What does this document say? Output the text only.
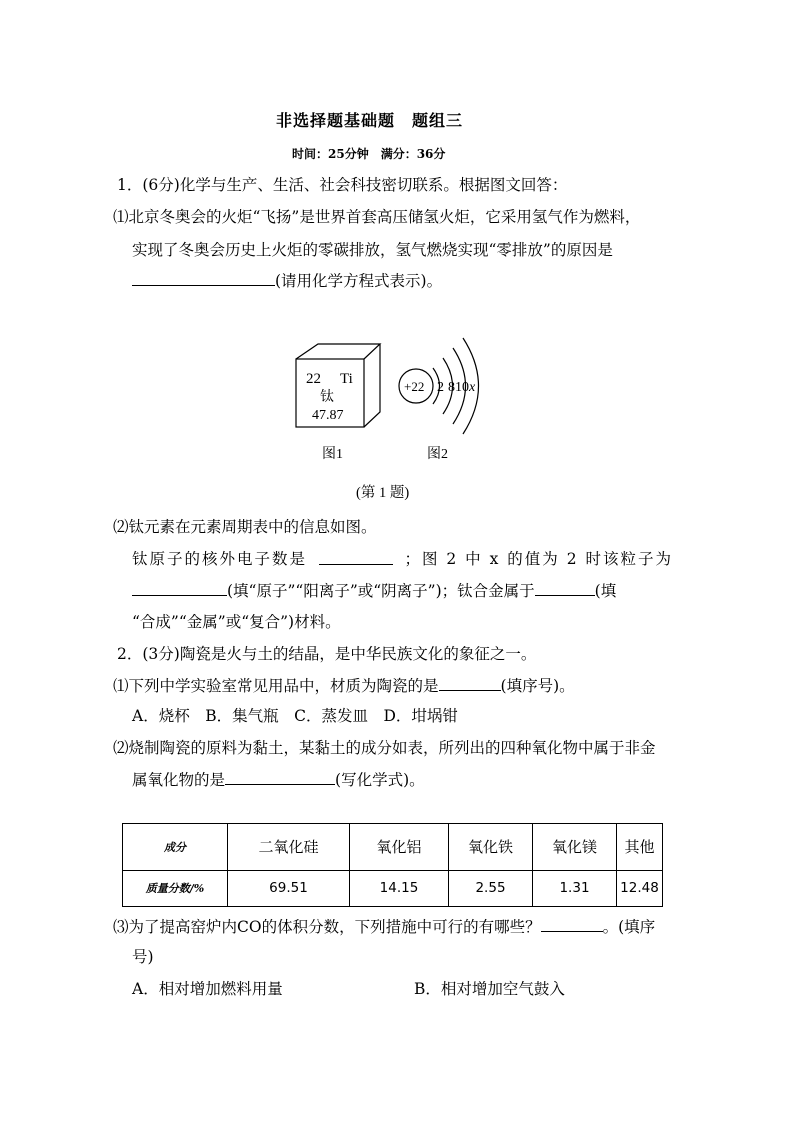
非选择题基础题　题组三
时间：25分钟　满分：36分
1．(6分)化学与生产、生活、社会科技密切联系。根据图文回答：
⑴北京冬奥会的火炬“飞扬”是世界首套高压储氢火炬，它采用氢气作为燃料，
实现了冬奥会历史上火炬的零碳排放，氢气燃烧实现“零排放”的原因是
(请用化学方程式表示)。
22 Ti
钛
47.87
+22 2 810x
图1	图2
(第 1 题)
⑵钛元素在元素周期表中的信息如图。
钛原子的核外电子数是	；图 2 中 x 的值为 2 时该粒子为
(填“原子”“阳离子”或“阴离子”)；钛合金属于	(填
“合成”“金属”或“复合”)材料。
2．(3分)陶瓷是火与土的结晶，是中华民族文化的象征之一。
⑴下列中学实验室常见用品中，材质为陶瓷的是	(填序号)。
A．烧杯　B．集气瓶　C．蒸发皿　D．坩埚钳
⑵烧制陶瓷的原料为黏土，某黏土的成分如表，所列出的四种氧化物中属于非金
属氧化物的是	(写化学式)。
成分	二氧化硅	氧化铝	氧化铁	氧化镁	其他
质量分数/%	69.51	14.15	2.55	1.31	12.48
⑶为了提高窑炉内CO的体积分数，下列措施中可行的有哪些？	。(填序
号)
A．相对增加燃料用量	B．相对增加空气鼓入
